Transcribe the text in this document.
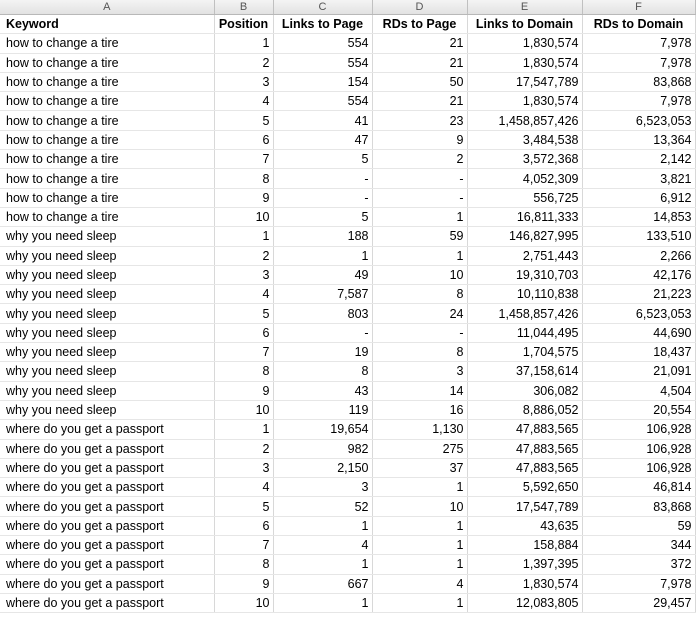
A	B	C	D	E	F
Keyword	Position	Links to Page	RDs to Page	Links to Domain	RDs to Domain
how to change a tire	1	554	21	1,830,574	7,978
how to change a tire	2	554	21	1,830,574	7,978
how to change a tire	3	154	50	17,547,789	83,868
how to change a tire	4	554	21	1,830,574	7,978
how to change a tire	5	41	23	1,458,857,426	6,523,053
how to change a tire	6	47	9	3,484,538	13,364
how to change a tire	7	5	2	3,572,368	2,142
how to change a tire	8	-	-	4,052,309	3,821
how to change a tire	9	-	-	556,725	6,912
how to change a tire	10	5	1	16,811,333	14,853
why you need sleep	1	188	59	146,827,995	133,510
why you need sleep	2	1	1	2,751,443	2,266
why you need sleep	3	49	10	19,310,703	42,176
why you need sleep	4	7,587	8	10,110,838	21,223
why you need sleep	5	803	24	1,458,857,426	6,523,053
why you need sleep	6	-	-	11,044,495	44,690
why you need sleep	7	19	8	1,704,575	18,437
why you need sleep	8	8	3	37,158,614	21,091
why you need sleep	9	43	14	306,082	4,504
why you need sleep	10	119	16	8,886,052	20,554
where do you get a passport	1	19,654	1,130	47,883,565	106,928
where do you get a passport	2	982	275	47,883,565	106,928
where do you get a passport	3	2,150	37	47,883,565	106,928
where do you get a passport	4	3	1	5,592,650	46,814
where do you get a passport	5	52	10	17,547,789	83,868
where do you get a passport	6	1	1	43,635	59
where do you get a passport	7	4	1	158,884	344
where do you get a passport	8	1	1	1,397,395	372
where do you get a passport	9	667	4	1,830,574	7,978
where do you get a passport	10	1	1	12,083,805	29,457
